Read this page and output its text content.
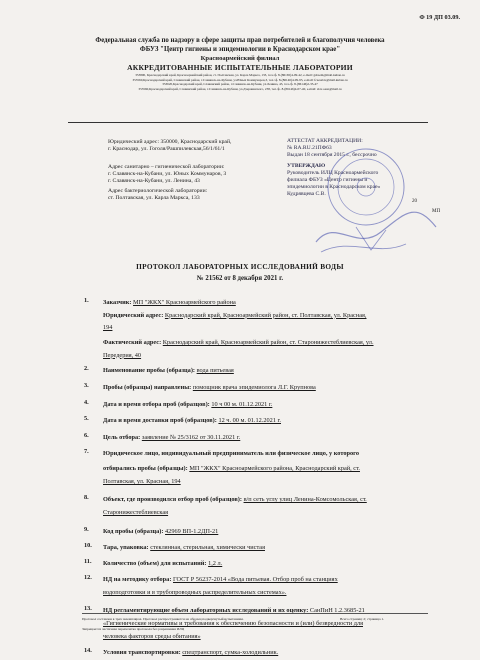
Ф 19 ДП 03.09.
Федеральная служба по надзору в сфере защиты прав потребителей и благополучия человека
ФБУЗ "Центр гигиены и эпидемиологии в Краснодарском крае"
Красноармейский филиал
АККРЕДИТОВАННЫЕ ИСПЫТАТЕЛЬНЫЕ ЛАБОРАТОРИИ
353800, Краснодарский край, Красноармейский район, ст. Полтавская, ул. Карла Маркса, 133, тел./ф. 8-(86165)4-09-42, e-mail: gsbsem@mail.kuban.ru
353560,Краснодарский край, Славянский район, г.Славянск-на-Кубани, ул.Юных Коммунаров,3, тел./ф. 8-(86146)4-09-95, e-mail: fcsesslav@mail.kuban.ru
353620,Краснодарский край, Славянский район, г.Славянск-на-Кубани, ул.Ленина, 43, тел./ф. 8-(86146)2-35-47
353560,Краснодарский край, Славянский район, г.Славянск-на-Кубани, ул.Дзержинского, 238, тел./ф. 8-(86146)4-07-40, e-mail: slav-sesn@mail.ru
Юридический адрес: 350000, Краснодарский край,
г. Краснодар, ул. Гоголя/Рашпилевская,56/1/61/1
Адрес санитарно – гигиенической лаборатории:
г. Славянск-на-Кубани, ул. Юных Коммунаров, 3
г. Славянск-на-Кубани, ул. Ленина, 43
Адрес бактериологической лаборатории:
ст. Полтавская, ул. Карла Маркса, 133
АТТЕСТАТ АККРЕДИТАЦИИ:
№ RA.RU.21ПФ63
Выдан 18 сентября 2015 г., бессрочно
УТВЕРЖДАЮ
Руководитель ИЛЦ Красноармейского
филиала ФБУЗ «Центр гигиены и
эпидемиологии в Краснодарском крае»
Кудрявцева С.В.
20
МП
ПРОТОКОЛ ЛАБОРАТОРНЫХ ИССЛЕДОВАНИЙ ВОДЫ
№ 21562 от 8 декабря 2021 г.
1. Заказчик: МП "ЖКХ" Красноармейского района
Юридический адрес: Краснодарский край, Красноармейский район, ст. Полтавская, ул. Красная,
194
Фактический адрес: Краснодарский край, Красноармейский район, ст. Старонижестеблиевская, ул.
Передерия, 40
2. Наименование пробы (образца): вода питьевая
3. Пробы (образцы) направлены: помощник врача эпидемиолога Л.Г. Крупнова
4. Дата и время отбора проб (образцов): 10 ч 00 м. 01.12.2021 г.
5. Дата и время доставки проб (образцов): 12 ч. 00 м. 01.12.2021 г.
6. Цель отбора: заявление № 25/3162 от 30.11.2021 г.
7. Юридическое лицо, индивидуальный предприниматель или физическое лицо, у которого
отбирались пробы (образцы): МП "ЖКХ" Красноармейского района, Краснодарский край, ст.
Полтавская, ул. Красная, 194
8. Объект, где производился отбор проб (образцов): в/п сеть углу улиц Ленина-Комсомольская, ст.
Старонижестеблиевская
9. Код пробы (образца): 42969 ВП-1.2ДП-21
10. Тара, упаковка: стеклянная, стерильная, химически чистая
11. Количество (объем) для испытаний: 1,2 л.
12. НД на методику отбора: ГОСТ Р 56237-2014 «Вода питьевая. Отбор проб на станциях
водоподготовки и в трубопроводных распределительных системах».
13. НД регламентирующие объем лабораторных исследований и их оценку: СанПиН 1.2.3685-21
«Гигиенические нормативы и требования к обеспечению безопасности и (или) безвредности для
человека факторов среды обитания»
14. Условия транспортировки: спецтранспорт, сумка-холодильник.
Протокол составлен в трех экземплярах. Протокол распространяется на образец подвергнутый испытаниям.
Запрещается частичная перепечатка протокола без разрешения ИЛЦ
Всего страниц: 2; страница 1.
